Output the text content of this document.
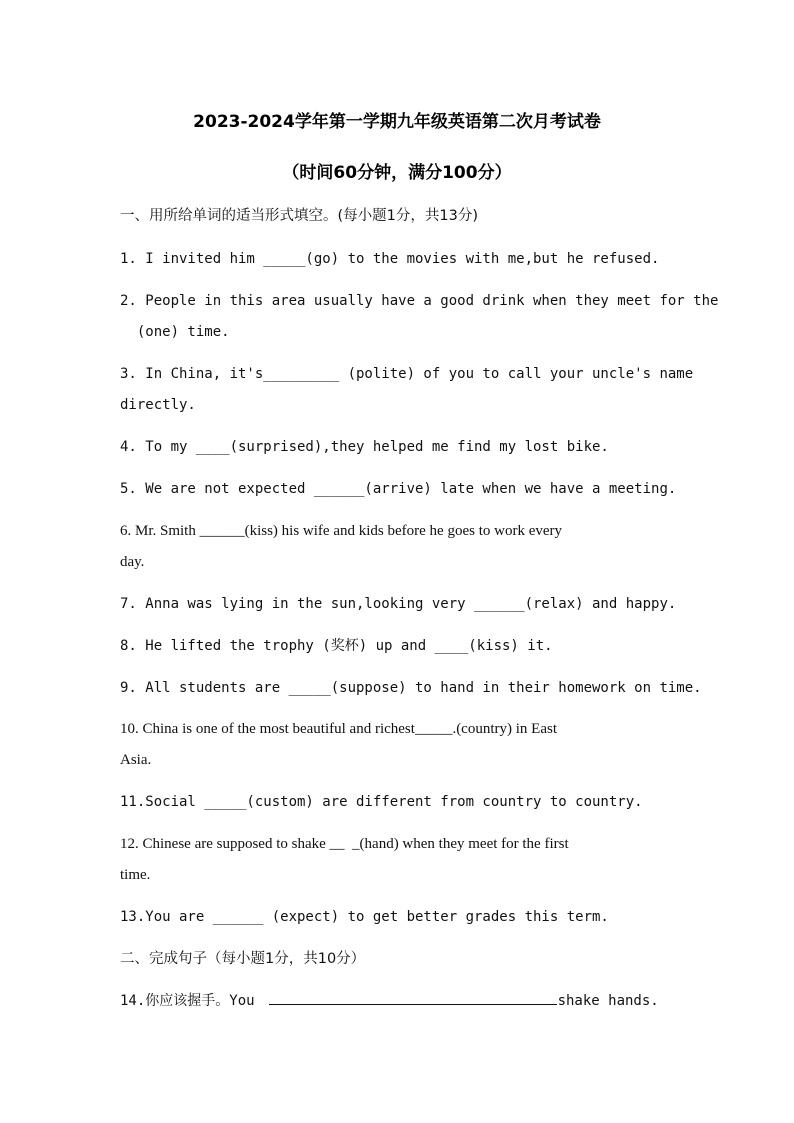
2023-2024学年第一学期九年级英语第二次月考试卷
（时间60分钟，满分100分）
一、用所给单词的适当形式填空。(每小题1分，共13分)
1. I invited him _____(go) to the movies with me,but he refused.
2. People in this area usually have a good drink when they meet for the
(one) time.
3. In China, it's_________ (polite) of you to call your uncle's name
directly.
4. To my ____(surprised),they helped me find my lost bike.
5. We are not expected ______(arrive) late when we have a meeting.
6. Mr. Smith ______(kiss) his wife and kids before he goes to work every
day.
7. Anna was lying in the sun,looking very ______(relax) and happy.
8. He lifted the trophy (奖杯) up and ____(kiss) it.
9. All students are _____(suppose) to hand in their homework on time.
10. China is one of the most beautiful and richest_____.(country) in East
Asia.
11.Social _____(custom) are different from country to country.
12. Chinese are supposed to shake __  _(hand) when they meet for the first
time.
13.You are ______ (expect) to get better grades this term.
二、完成句子（每小题1分，共10分）
14.你应该握手。You	shake hands.
